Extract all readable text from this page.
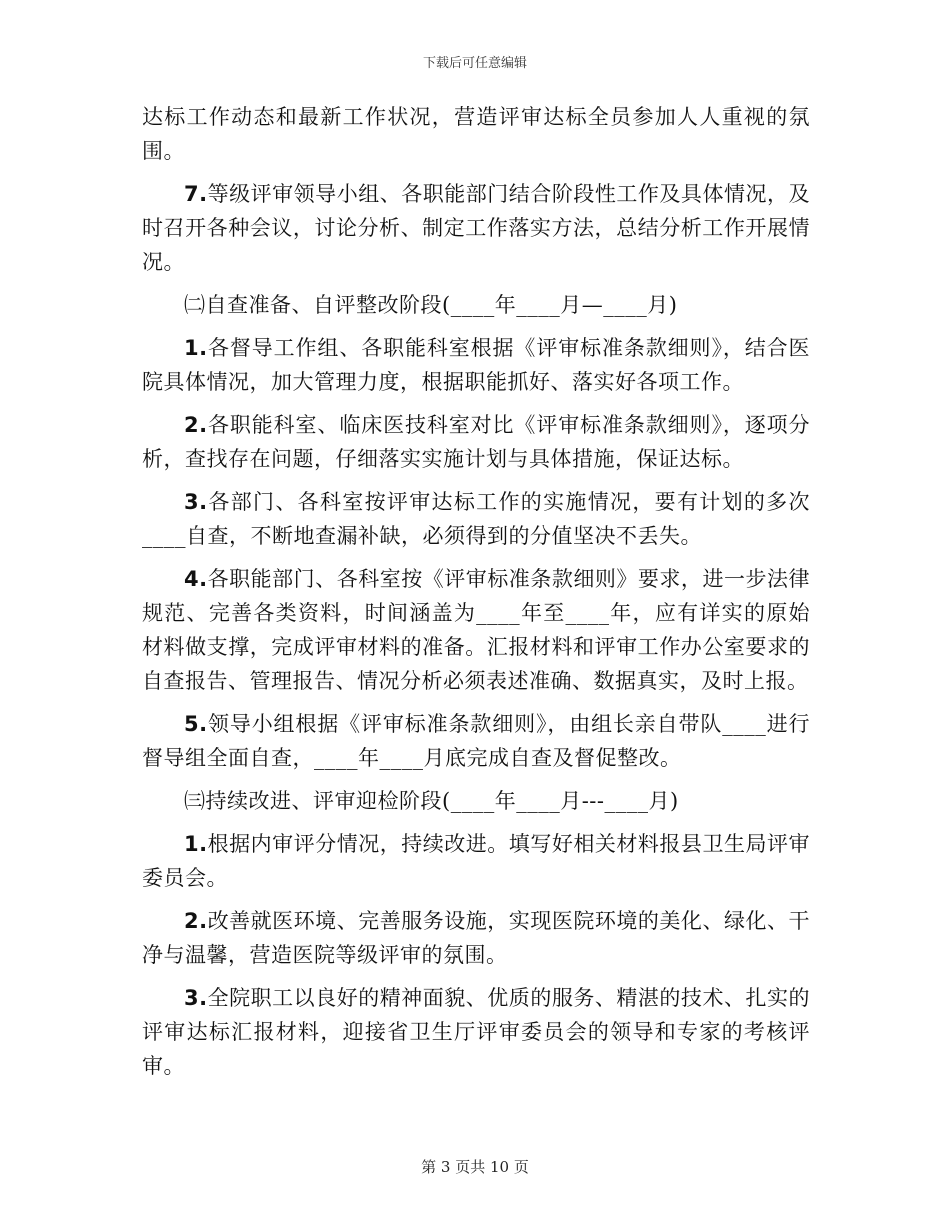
下载后可任意编辑

达标工作动态和最新工作状况，营造评审达标全员参加人人重视的氛围。

7.等级评审领导小组、各职能部门结合阶段性工作及具体情况，及时召开各种会议，讨论分析、制定工作落实方法，总结分析工作开展情况。

㈡自查准备、自评整改阶段(____年____月—____月)

1.各督导工作组、各职能科室根据《评审标准条款细则》，结合医院具体情况，加大管理力度，根据职能抓好、落实好各项工作。

2.各职能科室、临床医技科室对比《评审标准条款细则》，逐项分析，查找存在问题，仔细落实实施计划与具体措施，保证达标。

3.各部门、各科室按评审达标工作的实施情况，要有计划的多次____自查，不断地查漏补缺，必须得到的分值坚决不丢失。

4.各职能部门、各科室按《评审标准条款细则》要求，进一步法律规范、完善各类资料，时间涵盖为____年至____年，应有详实的原始材料做支撑，完成评审材料的准备。汇报材料和评审工作办公室要求的自查报告、管理报告、情况分析必须表述准确、数据真实，及时上报。

5.领导小组根据《评审标准条款细则》，由组长亲自带队____进行督导组全面自查，____年____月底完成自查及督促整改。

㈢持续改进、评审迎检阶段(____年____月---____月)

1.根据内审评分情况，持续改进。填写好相关材料报县卫生局评审委员会。

2.改善就医环境、完善服务设施，实现医院环境的美化、绿化、干净与温馨，营造医院等级评审的氛围。

3.全院职工以良好的精神面貌、优质的服务、精湛的技术、扎实的评审达标汇报材料，迎接省卫生厅评审委员会的领导和专家的考核评审。

第 3 页共 10 页
